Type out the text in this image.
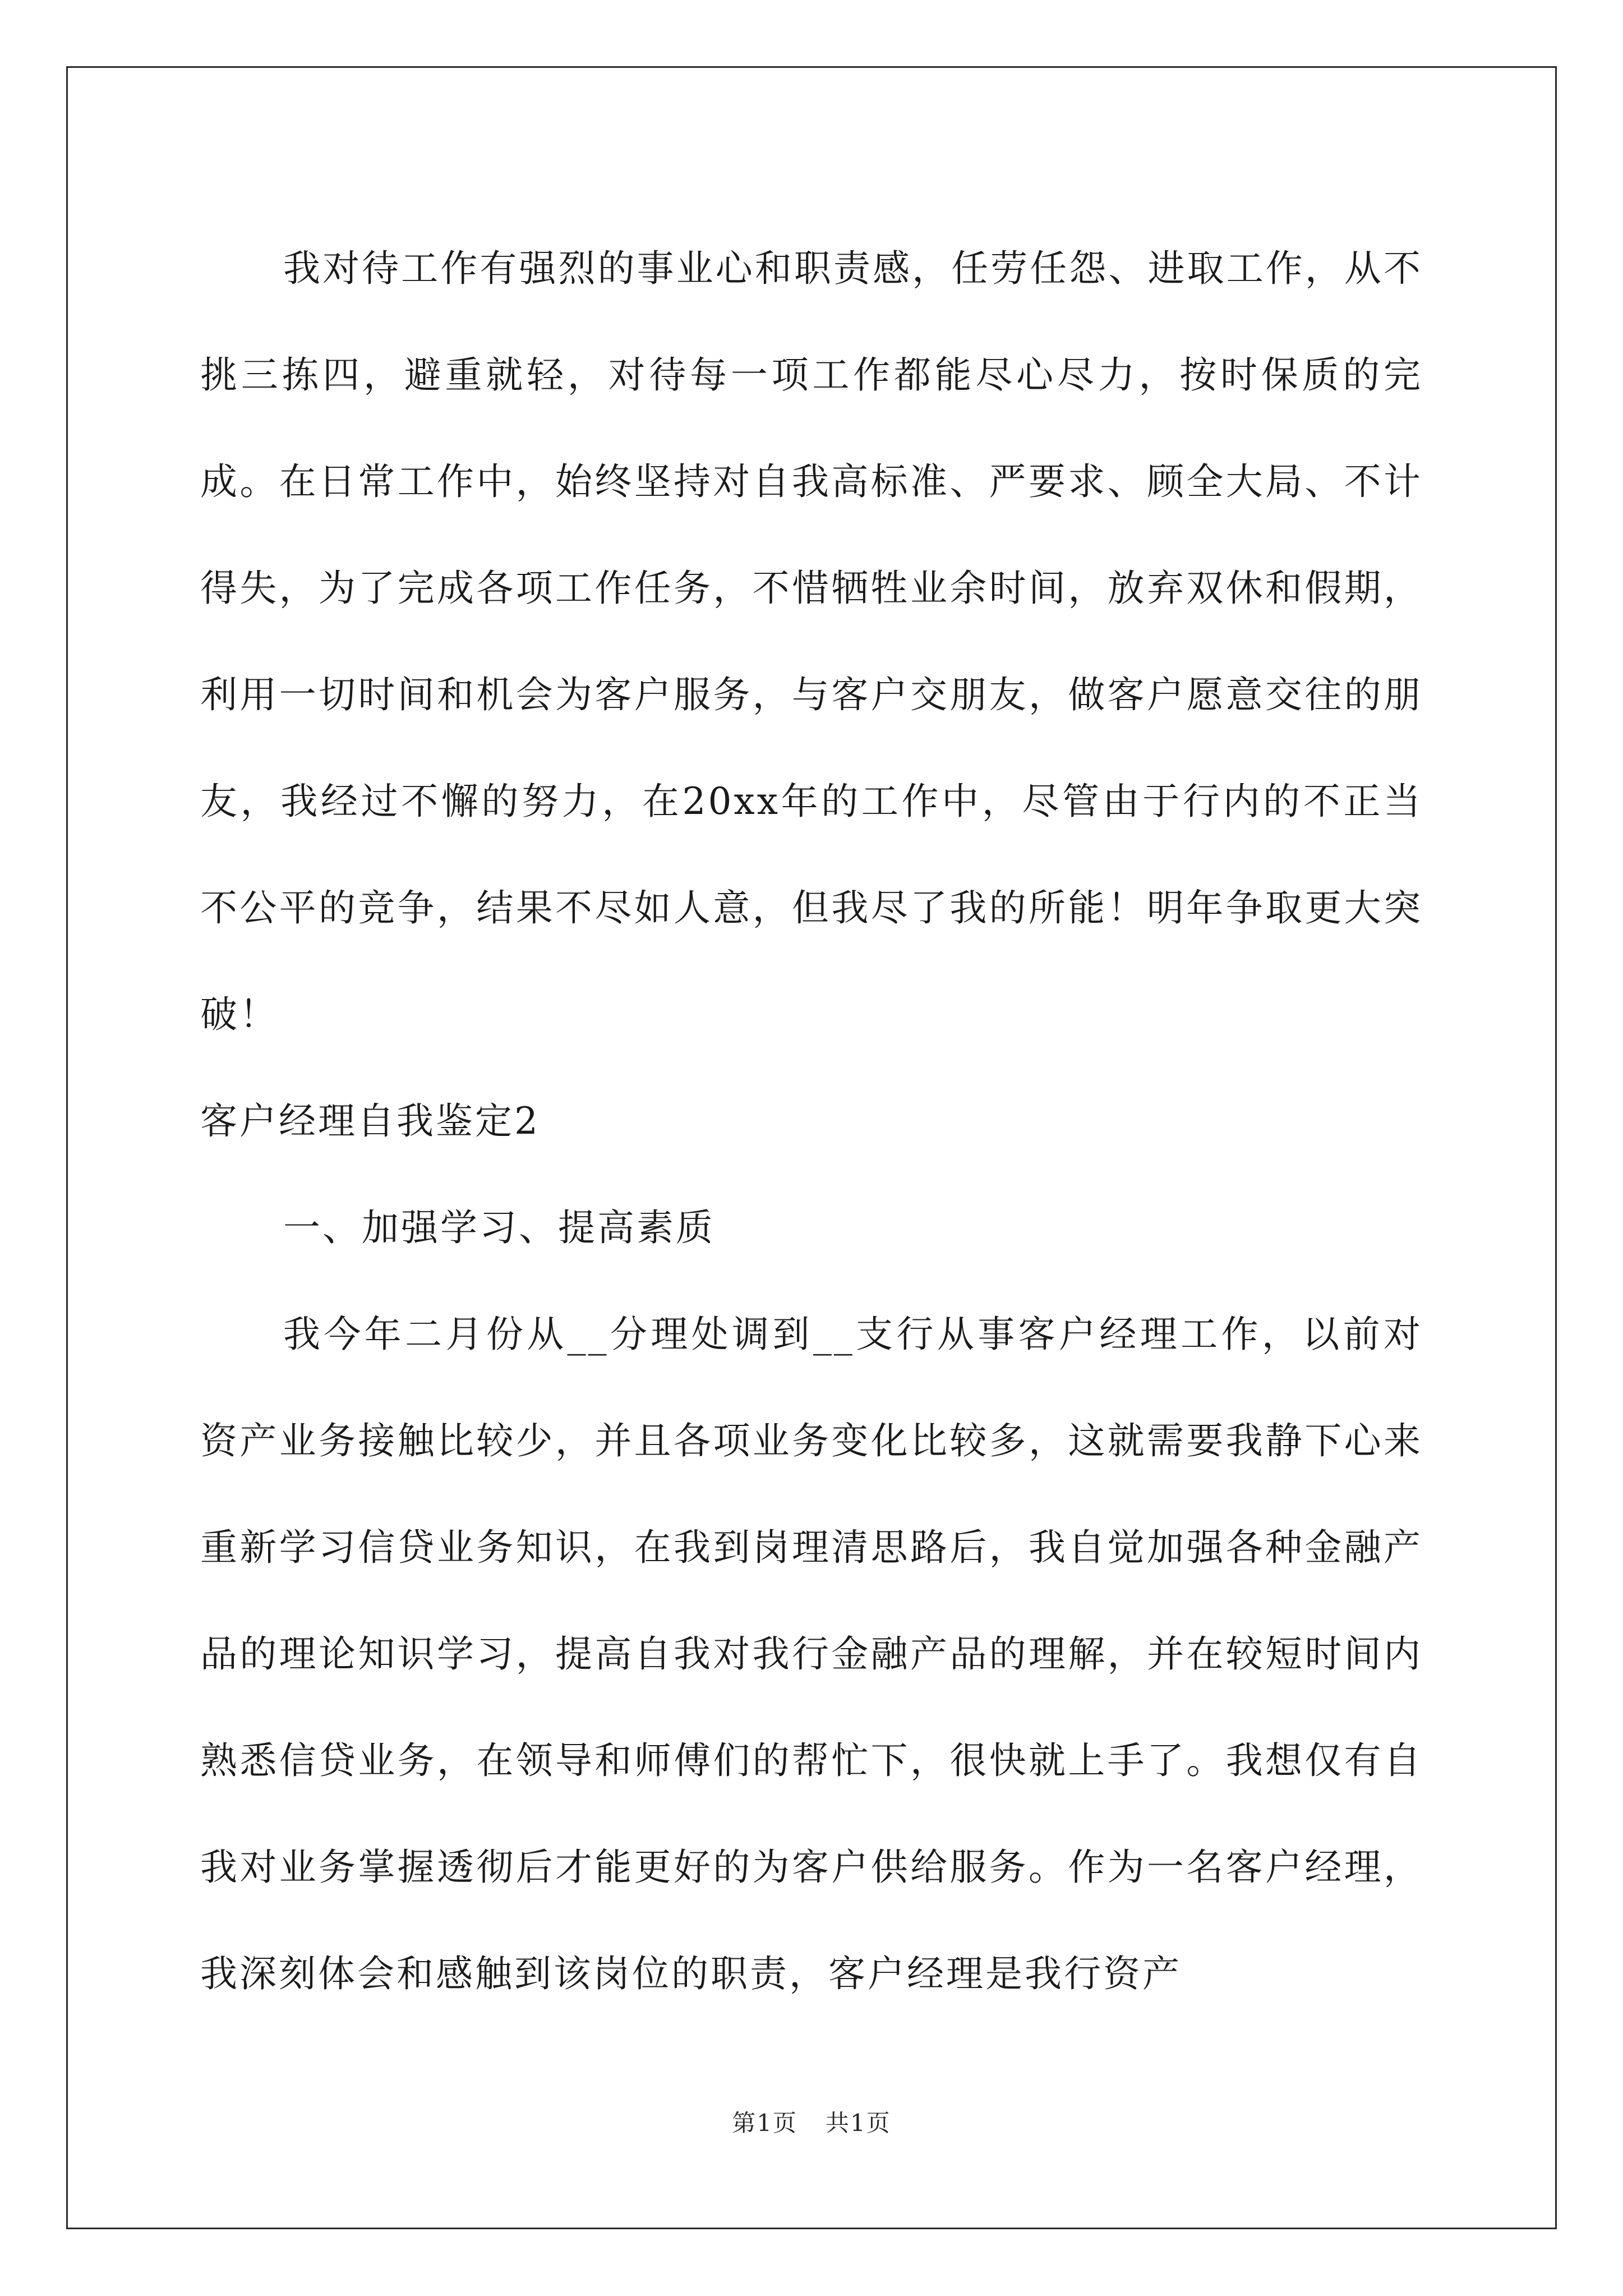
我对待工作有强烈的事业心和职责感，任劳任怨、进取工作，从不挑三拣四，避重就轻，对待每一项工作都能尽心尽力，按时保质的完成。在日常工作中，始终坚持对自我高标准、严要求、顾全大局、不计得失，为了完成各项工作任务，不惜牺牲业余时间，放弃双休和假期，利用一切时间和机会为客户服务，与客户交朋友，做客户愿意交往的朋友，我经过不懈的努力，在20xx年的工作中，尽管由于行内的不正当不公平的竞争，结果不尽如人意，但我尽了我的所能！明年争取更大突破！

客户经理自我鉴定2

一、加强学习、提高素质

我今年二月份从__分理处调到__支行从事客户经理工作，以前对资产业务接触比较少，并且各项业务变化比较多，这就需要我静下心来重新学习信贷业务知识，在我到岗理清思路后，我自觉加强各种金融产品的理论知识学习，提高自我对我行金融产品的理解，并在较短时间内熟悉信贷业务，在领导和师傅们的帮忙下，很快就上手了。我想仅有自我对业务掌握透彻后才能更好的为客户供给服务。作为一名客户经理，我深刻体会和感触到该岗位的职责，客户经理是我行资产

第1页 共1页
